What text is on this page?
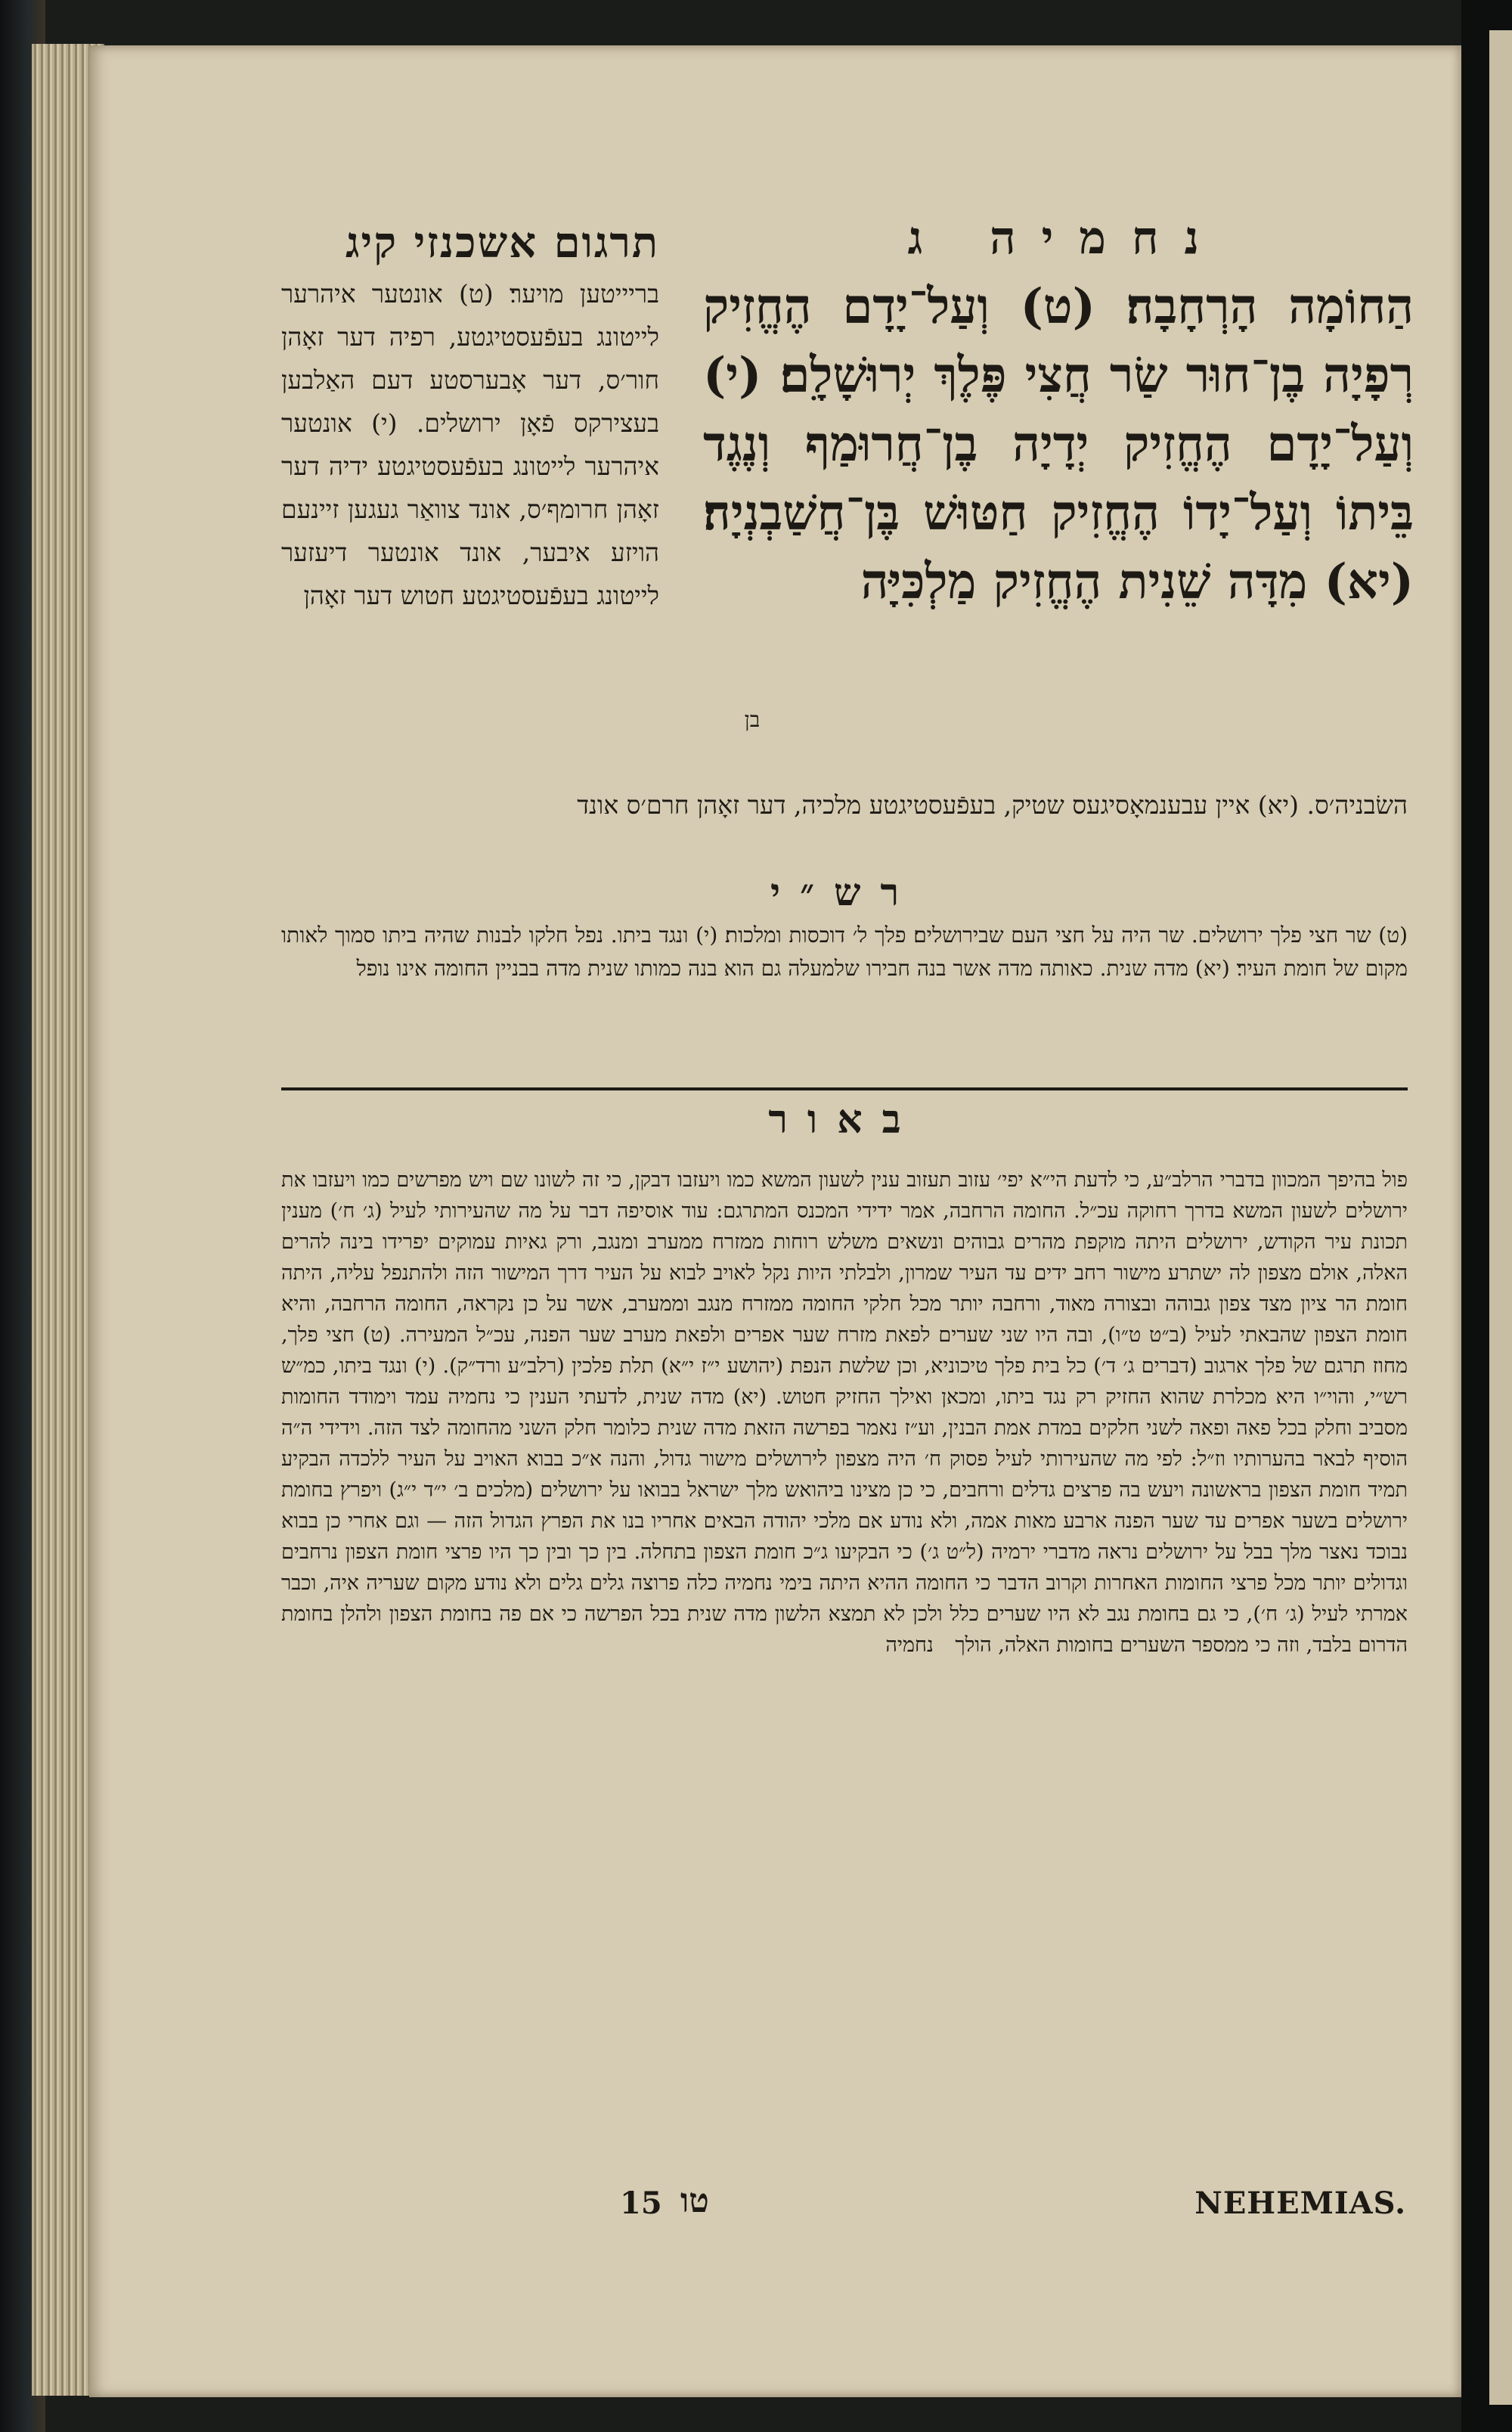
תרגום אשכנזי קיג	נחמיה ג
בריייטען מויער׃ (ט) אונטער איהרער לייטונג בעפֿעסטיגטע, רפיה דער זאָהן חור׳ס, דער אָבערסטע דעם האַלבען בעצירקס פֿאָן ירושלים. (י) אונטער איהרער לייטונג בעפֿעסטיגטע ידיה דער זאָהן חרומף׳ס, אונד צוואַר געגען זיינעם הויזע איבער, אונד אונטער דיעזער לייטונג בעפֿעסטיגטע חטוש דער זאָהן
הַחוֹמָה הָרְחָבָה׃ (ט) וְעַל־יָדָם הֶחֱזִיק רְפָיָה בֶן־חוּר שַׂר חֲצִי פֶּלֶךְ יְרוּשָׁלָ͏ִם׃ (י) וְעַל־יָדָם הֶחֱזִיק יְדָיָה בֶן־חֲרוּמַף וְנֶגֶד בֵּיתוֹ וְעַל־יָדוֹ הֶחֱזִיק חַטּוּשׁ בֶּן־חֲשַׁבְנְיָה׃ (יא) מִדָּה שֵׁנִית הֶחֱזִיק מַלְכִּיָּה
בן
השׂבניה׳ס. (יא) איין עבענמאָסיגעס שטיק, בעפֿעסטיגטע מלכיה, דער זאָהן חרם׳ס אונד
רש״י
(ט) שר חצי פלך ירושלים. שר היה על חצי העם שבירושלים׃ פלך ל׳ דוכסות ומלכות׃ (י) ונגד ביתו. נפל חלקו לבנות שהיה ביתו סמוך לאותו מקום של חומת העיר׃ (יא) מדה שנית. כאותה מדה אשר בנה חבירו שלמעלה גם הוא בנה כמותו שנית מדה בבניין החומה אינו נופל
באור
פול בהיפך המכוון בדברי הרלב״ע, כי לדעת הי״א יפי׳ עזוב תעזוב ענין לשעון המשא כמו ויעזבו דבקן, כי זה לשונו שם ויש מפרשים כמו ויעזבו את ירושלים לשעון המשא בדרך רחוקה עכ״ל. החומה הרחבה, אמר ידידי המכנס המתרגם: עוד אוסיפה דבר על מה שהעירותי לעיל (ג׳ ח׳) מענין תכונת עיר הקודש, ירושלים היתה מוקפת מהרים גבוהים ונשאים משלש רוחות ממזרח ממערב ומנגב, ורק גאיות עמוקים יפרידו בינה להרים האלה, אולם מצפון לה ישתרע מישור רחב ידים עד העיר שמרון, ולבלתי היות נקל לאויב לבוא על העיר דרך המישור הזה ולהתנפל עליה, היתה חומת הר ציון מצד צפון גבוהה ובצורה מאוד, ורחבה יותר מכל חלקי החומה ממזרח מנגב וממערב, אשר על כן נקראה, החומה הרחבה, והיא חומת הצפון שהבאתי לעיל (ב״ט ט״ו), ובה היו שני שערים לפאת מזרח שער אפרים ולפאת מערב שער הפנה, עכ״ל המעירה. (ט) חצי פלך, מחוז תרגם של פלך ארגוב (דברים ג׳ ד׳) כל בית פלך טיכוניא, וכן שלשת הנפת (יהושע י״ז י״א) תלת פלכין (רלב״ע ורד״ק). (י) ונגד ביתו, כמ״ש רש״י, והוי״ו היא מכלרת שהוא החזיק רק נגד ביתו, ומכאן ואילך החזיק חטוש. (יא) מדה שנית, לדעתי הענין כי נחמיה עמד וימודד החומות מסביב וחלק בכל פאה ופאה לשני חלקים במדת אמת הבנין, וע״ז נאמר בפרשה הזאת מדה שנית כלומר חלק השני מהחומה לצד הזה. וידידי ה״ה הוסיף לבאר בהערותיו וז״ל: לפי מה שהעירותי לעיל פסוק ח׳ היה מצפון לירושלים מישור גדול, והנה א״כ בבוא האויב על העיר ללכדה הבקיע תמיד חומת הצפון בראשונה ויעש בה פרצים גדלים ורחבים, כי כן מצינו ביהואש מלך ישראל בבואו על ירושלים (מלכים ב׳ י״ד י״ג) ויפרץ בחומת ירושלים בשער אפרים עד שער הפנה ארבע מאות אמה, ולא נודע אם מלכי יהודה הבאים אחריו בנו את הפרץ הגדול הזה — וגם אחרי כן בבוא נבוכד נאצר מלך בבל על ירושלים נראה מדברי ירמיה (ל״ט ג׳) כי הבקיעו ג״כ חומת הצפון בתחלה. בין כך ובין כך היו פרצי חומת הצפון נרחבים וגדולים יותר מכל פרצי החומות האחרות וקרוב הדבר כי החומה ההיא היתה בימי נחמיה כלה פרוצה גלים גלים ולא נודע מקום שעריה איה, וכבר אמרתי לעיל (ג׳ ח׳), כי גם בחומת נגב לא היו שערים כלל ולכן לא תמצא הלשון מדה שנית בכל הפרשה כי אם פה בחומת הצפון ולהלן בחומת הדרום בלבד, וזה כי ממספר השערים בחומות האלה, הולך נחמיה
15 טו	NEHEMIAS.
